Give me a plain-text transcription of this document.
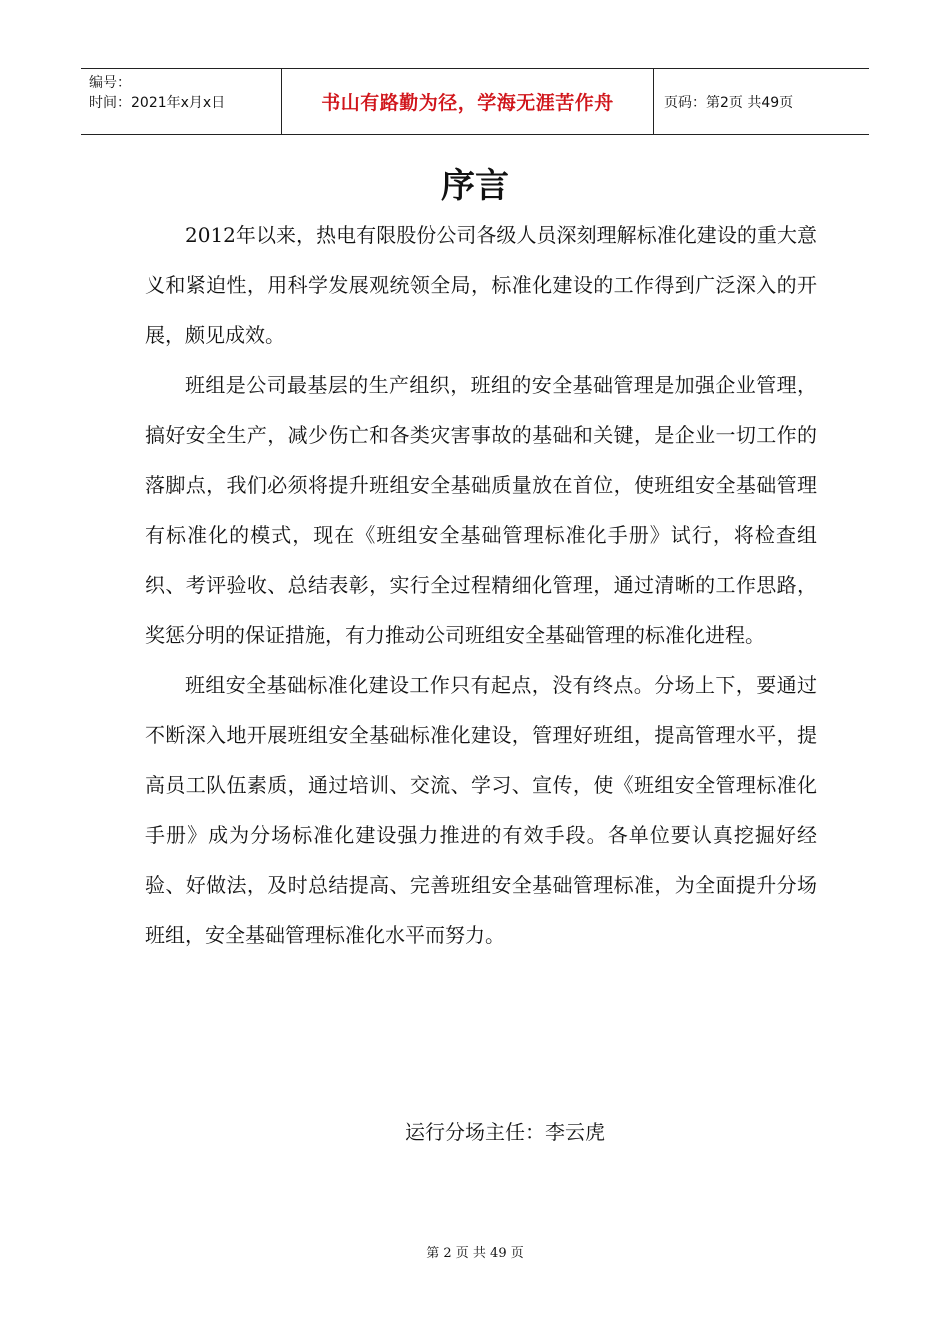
编号：
时间：2021年x月x日	书山有路勤为径，学海无涯苦作舟	页码：第2页 共49页
序言

2012年以来，热电有限股份公司各级人员深刻理解标准化建设的重大意义和紧迫性，用科学发展观统领全局，标准化建设的工作得到广泛深入的开展，颇见成效。

班组是公司最基层的生产组织，班组的安全基础管理是加强企业管理，搞好安全生产，减少伤亡和各类灾害事故的基础和关键，是企业一切工作的落脚点，我们必须将提升班组安全基础质量放在首位，使班组安全基础管理有标准化的模式，现在《班组安全基础管理标准化手册》试行，将检查组织、考评验收、总结表彰，实行全过程精细化管理，通过清晰的工作思路，奖惩分明的保证措施，有力推动公司班组安全基础管理的标准化进程。

班组安全基础标准化建设工作只有起点，没有终点。分场上下，要通过不断深入地开展班组安全基础标准化建设，管理好班组，提高管理水平，提高员工队伍素质，通过培训、交流、学习、宣传，使《班组安全管理标准化手册》成为分场标准化建设强力推进的有效手段。各单位要认真挖掘好经验、好做法，及时总结提高、完善班组安全基础管理标准，为全面提升分场班组，安全基础管理标准化水平而努力。

运行分场主任：李云虎
第 2 页 共 49 页
